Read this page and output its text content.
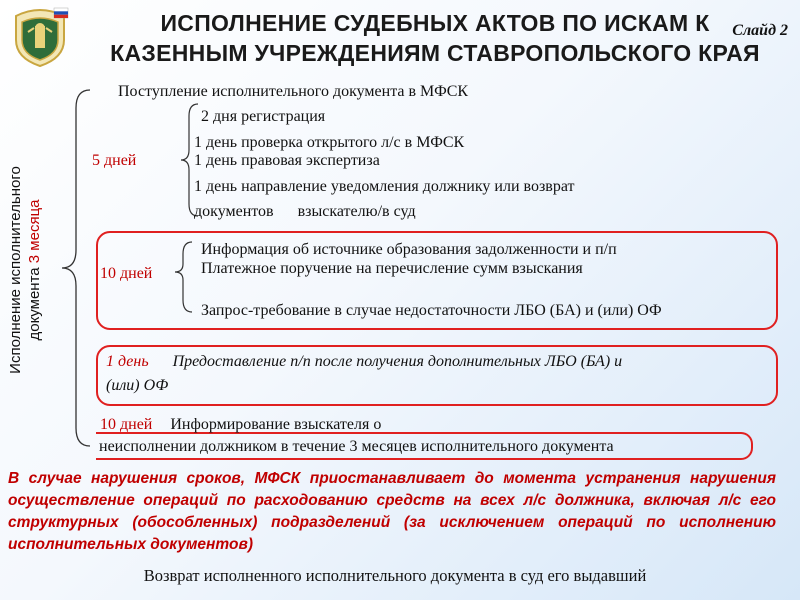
ИСПОЛНЕНИЕ СУДЕБНЫХ АКТОВ ПО ИСКАМ К
КАЗЕННЫМ УЧРЕЖДЕНИЯМ СТАВРОПОЛЬСКОГО КРАЯ
Слайд 2
Исполнение исполнительного документа 3 месяца
Поступление исполнительного документа в МФСК
5 дней
2 дня регистрация
1 день проверка открытого л/с в МФСК
1 день правовая экспертиза
1 день направление уведомления должнику или возврат
документов      взыскателю/в суд
10 дней
Информация об источнике образования задолженности и п/п
Платежное поручение на перечисление сумм взыскания
Запрос-требование в случае недостаточности ЛБО (БА) и (или) ОФ
1 день Предоставление п/п после получения дополнительных ЛБО (БА) и
(или) ОФ
10 дней Информирование взыскателя о
неисполнении должником в течение 3 месяцев исполнительного документа
В случае нарушения сроков, МФСК приостанавливает до момента устранения нарушения осуществление операций по расходованию средств на всех л/с должника, включая л/с его структурных (обособленных) подразделений (за исключением операций по исполнению исполнительных документов)
Возврат исполненного исполнительного документа в суд его выдавший
